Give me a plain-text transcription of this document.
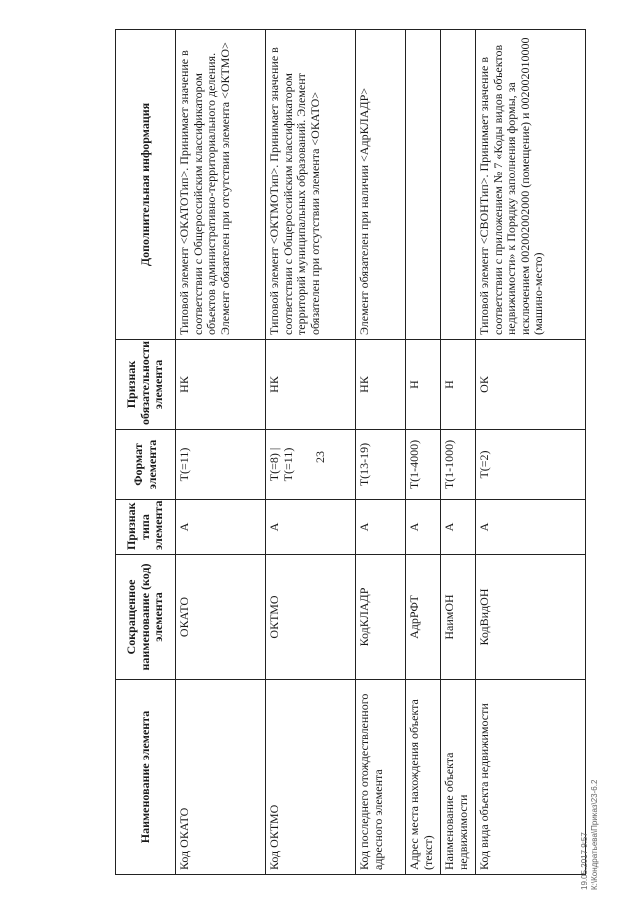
23
Наименование элемента	Сокращенное наименование (код) элемента	Признак типа элемента	Формат элемента	Признак обязательности элемента	Дополнительная информация
Код ОКАТО	ОКАТО	А	T(=11)	НК	Типовой элемент <ОКАТОТип>. Принимает значение в соответствии с Общероссийским классификатором объектов административно-территориального деления. Элемент обязателен при отсутствии элемента <ОКТМО>
Код ОКТМО	ОКТМО	А	T(=8) | T(=11)	НК	Типовой элемент <ОКТМОТип>. Принимает значение в соответствии с Общероссийским классификатором территорий муниципальных образований. Элемент обязателен при отсутствии элемента <ОКАТО>
Код последнего отождествленного адресного элемента	КодКЛАДР	А	T(13-19)	НК	Элемент обязателен при наличии <АдрКЛАДР>
Адрес места нахождения объекта (текст)	АдрРФТ	А	T(1-4000)	Н	
Наименование объекта недвижимости	НаимОН	А	T(1-1000)	Н	
Код вида объекта недвижимости	КодВидОН	А	T(=2)	ОК	Типовой элемент <СВОНТип>. Принимает значение в соответствии с приложением № 7 «Коды видов объектов недвижимости» к Порядку заполнения формы, за исключением 002002002000 (помещение) и 002002010000 (машино-место)
19.05.2017 9:57 К:\Кондратьева\Приказ\23-6.2
